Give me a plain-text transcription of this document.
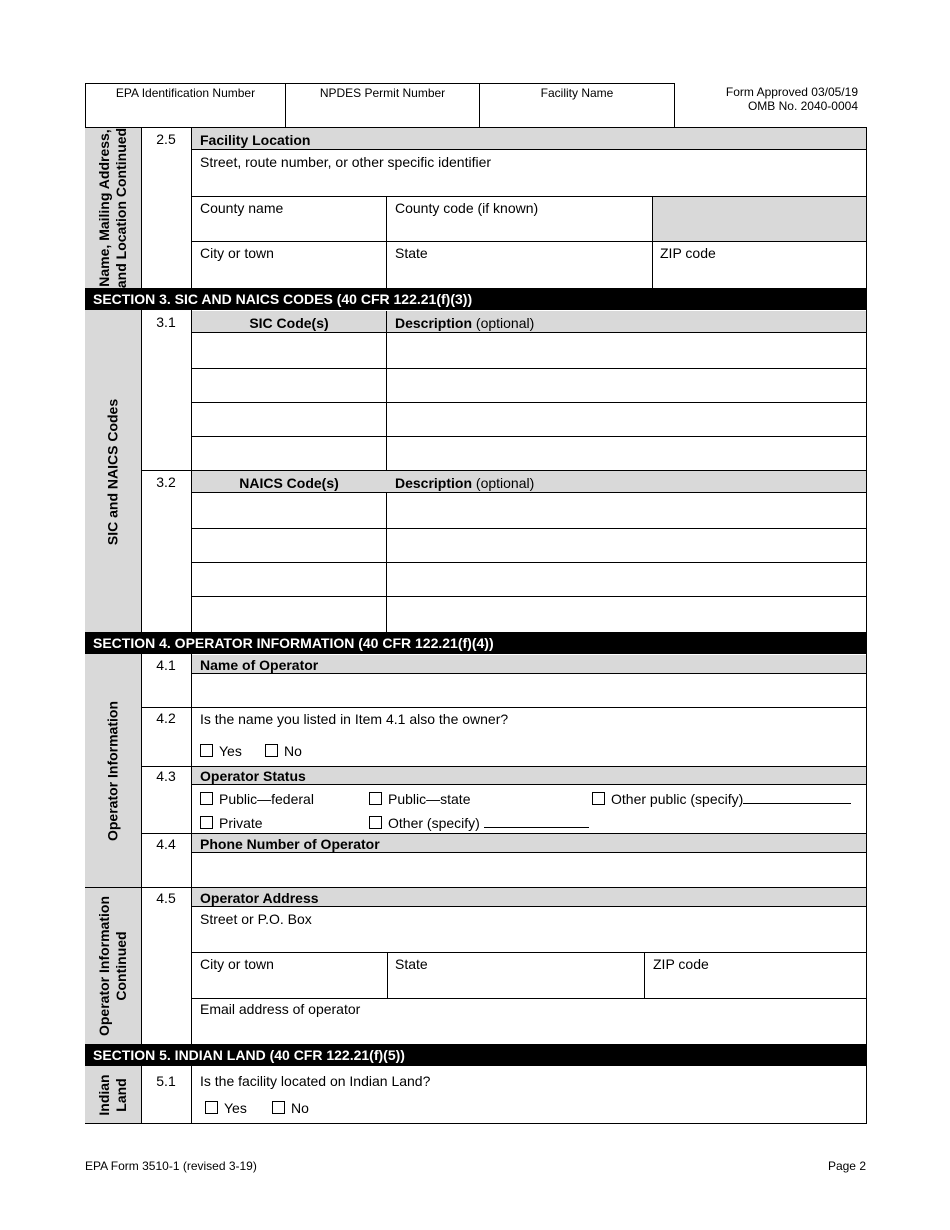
EPA Identification Number	NPDES Permit Number	Facility Name	Form Approved 03/05/19
OMB No. 2040-0004
Name, Mailing Address, and Location Continued	2.5	Facility Location
Street, route number, or other specific identifier
County name	County code (if known)
City or town	State	ZIP code
SECTION 3. SIC AND NAICS CODES (40 CFR 122.21(f)(3))
SIC and NAICS Codes
3.1	SIC Code(s)	Description (optional)
3.2	NAICS Code(s)	Description (optional)
SECTION 4. OPERATOR INFORMATION (40 CFR 122.21(f)(4))
Operator Information
4.1	Name of Operator
4.2	Is the name you listed in Item 4.1 also the owner?
Yes	No
4.3	Operator Status
Public—federal	Public—state	Other public (specify)
Private	Other (specify)
4.4	Phone Number of Operator
Operator Information Continued
4.5	Operator Address
Street or P.O. Box
City or town	State	ZIP code
Email address of operator
SECTION 5. INDIAN LAND (40 CFR 122.21(f)(5))
Indian Land	5.1	Is the facility located on Indian Land?
Yes	No
EPA Form 3510-1 (revised 3-19)	Page 2
